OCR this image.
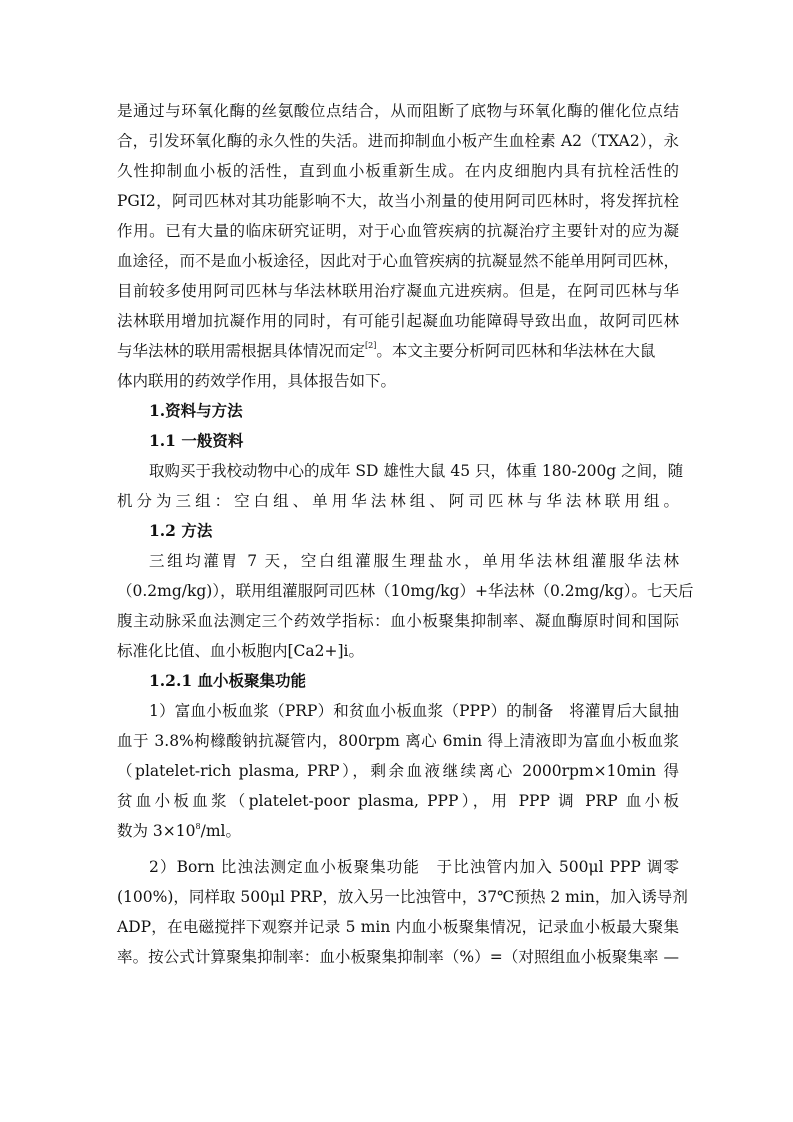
是通过与环氧化酶的丝氨酸位点结合，从而阻断了底物与环氧化酶的催化位点结
合，引发环氧化酶的永久性的失活。进而抑制血小板产生血栓素 A2（TXA2），永
久性抑制血小板的活性，直到血小板重新生成。在内皮细胞内具有抗栓活性的
PGI2，阿司匹林对其功能影响不大，故当小剂量的使用阿司匹林时，将发挥抗栓
作用。已有大量的临床研究证明，对于心血管疾病的抗凝治疗主要针对的应为凝
血途径，而不是血小板途径，因此对于心血管疾病的抗凝显然不能单用阿司匹林，
目前较多使用阿司匹林与华法林联用治疗凝血亢进疾病。但是，在阿司匹林与华
法林联用增加抗凝作用的同时，有可能引起凝血功能障碍导致出血，故阿司匹林
与华法林的联用需根据具体情况而定[2]。本文主要分析阿司匹林和华法林在大鼠
体内联用的药效学作用，具体报告如下。
1.资料与方法
1.1 一般资料
取购买于我校动物中心的成年 SD 雄性大鼠 45 只，体重 180-200g 之间，随
机分为三组：空白组、单用华法林组、阿司匹林与华法林联用组。
1.2 方法
三组均灌胃 7 天，空白组灌服生理盐水，单用华法林组灌服华法林
（0.2mg/kg)），联用组灌服阿司匹林（10mg/kg）+华法林（0.2mg/kg）。七天后
腹主动脉采血法测定三个药效学指标：血小板聚集抑制率、凝血酶原时间和国际
标准化比值、血小板胞内[Ca2+]i。
1.2.1 血小板聚集功能
1）富血小板血浆（PRP）和贫血小板血浆（PPP）的制备　将灌胃后大鼠抽
血于 3.8%枸橼酸钠抗凝管内，800rpm 离心 6min 得上清液即为富血小板血浆
（platelet-rich plasma, PRP），剩余血液继续离心 2000rpm×10min 得
贫血小板血浆（platelet-poor plasma, PPP），用 PPP 调 PRP 血小板
数为 $3\times 10^8/ml$。
2）Born 比浊法测定血小板聚集功能　于比浊管内加入 500μl PPP 调零
(100%)，同样取 500μl PRP，放入另一比浊管中，37℃预热 2 min，加入诱导剂
ADP，在电磁搅拌下观察并记录 5 min 内血小板聚集情况，记录血小板最大聚集
率。按公式计算聚集抑制率：血小板聚集抑制率（%）=（对照组血小板聚集率 —
